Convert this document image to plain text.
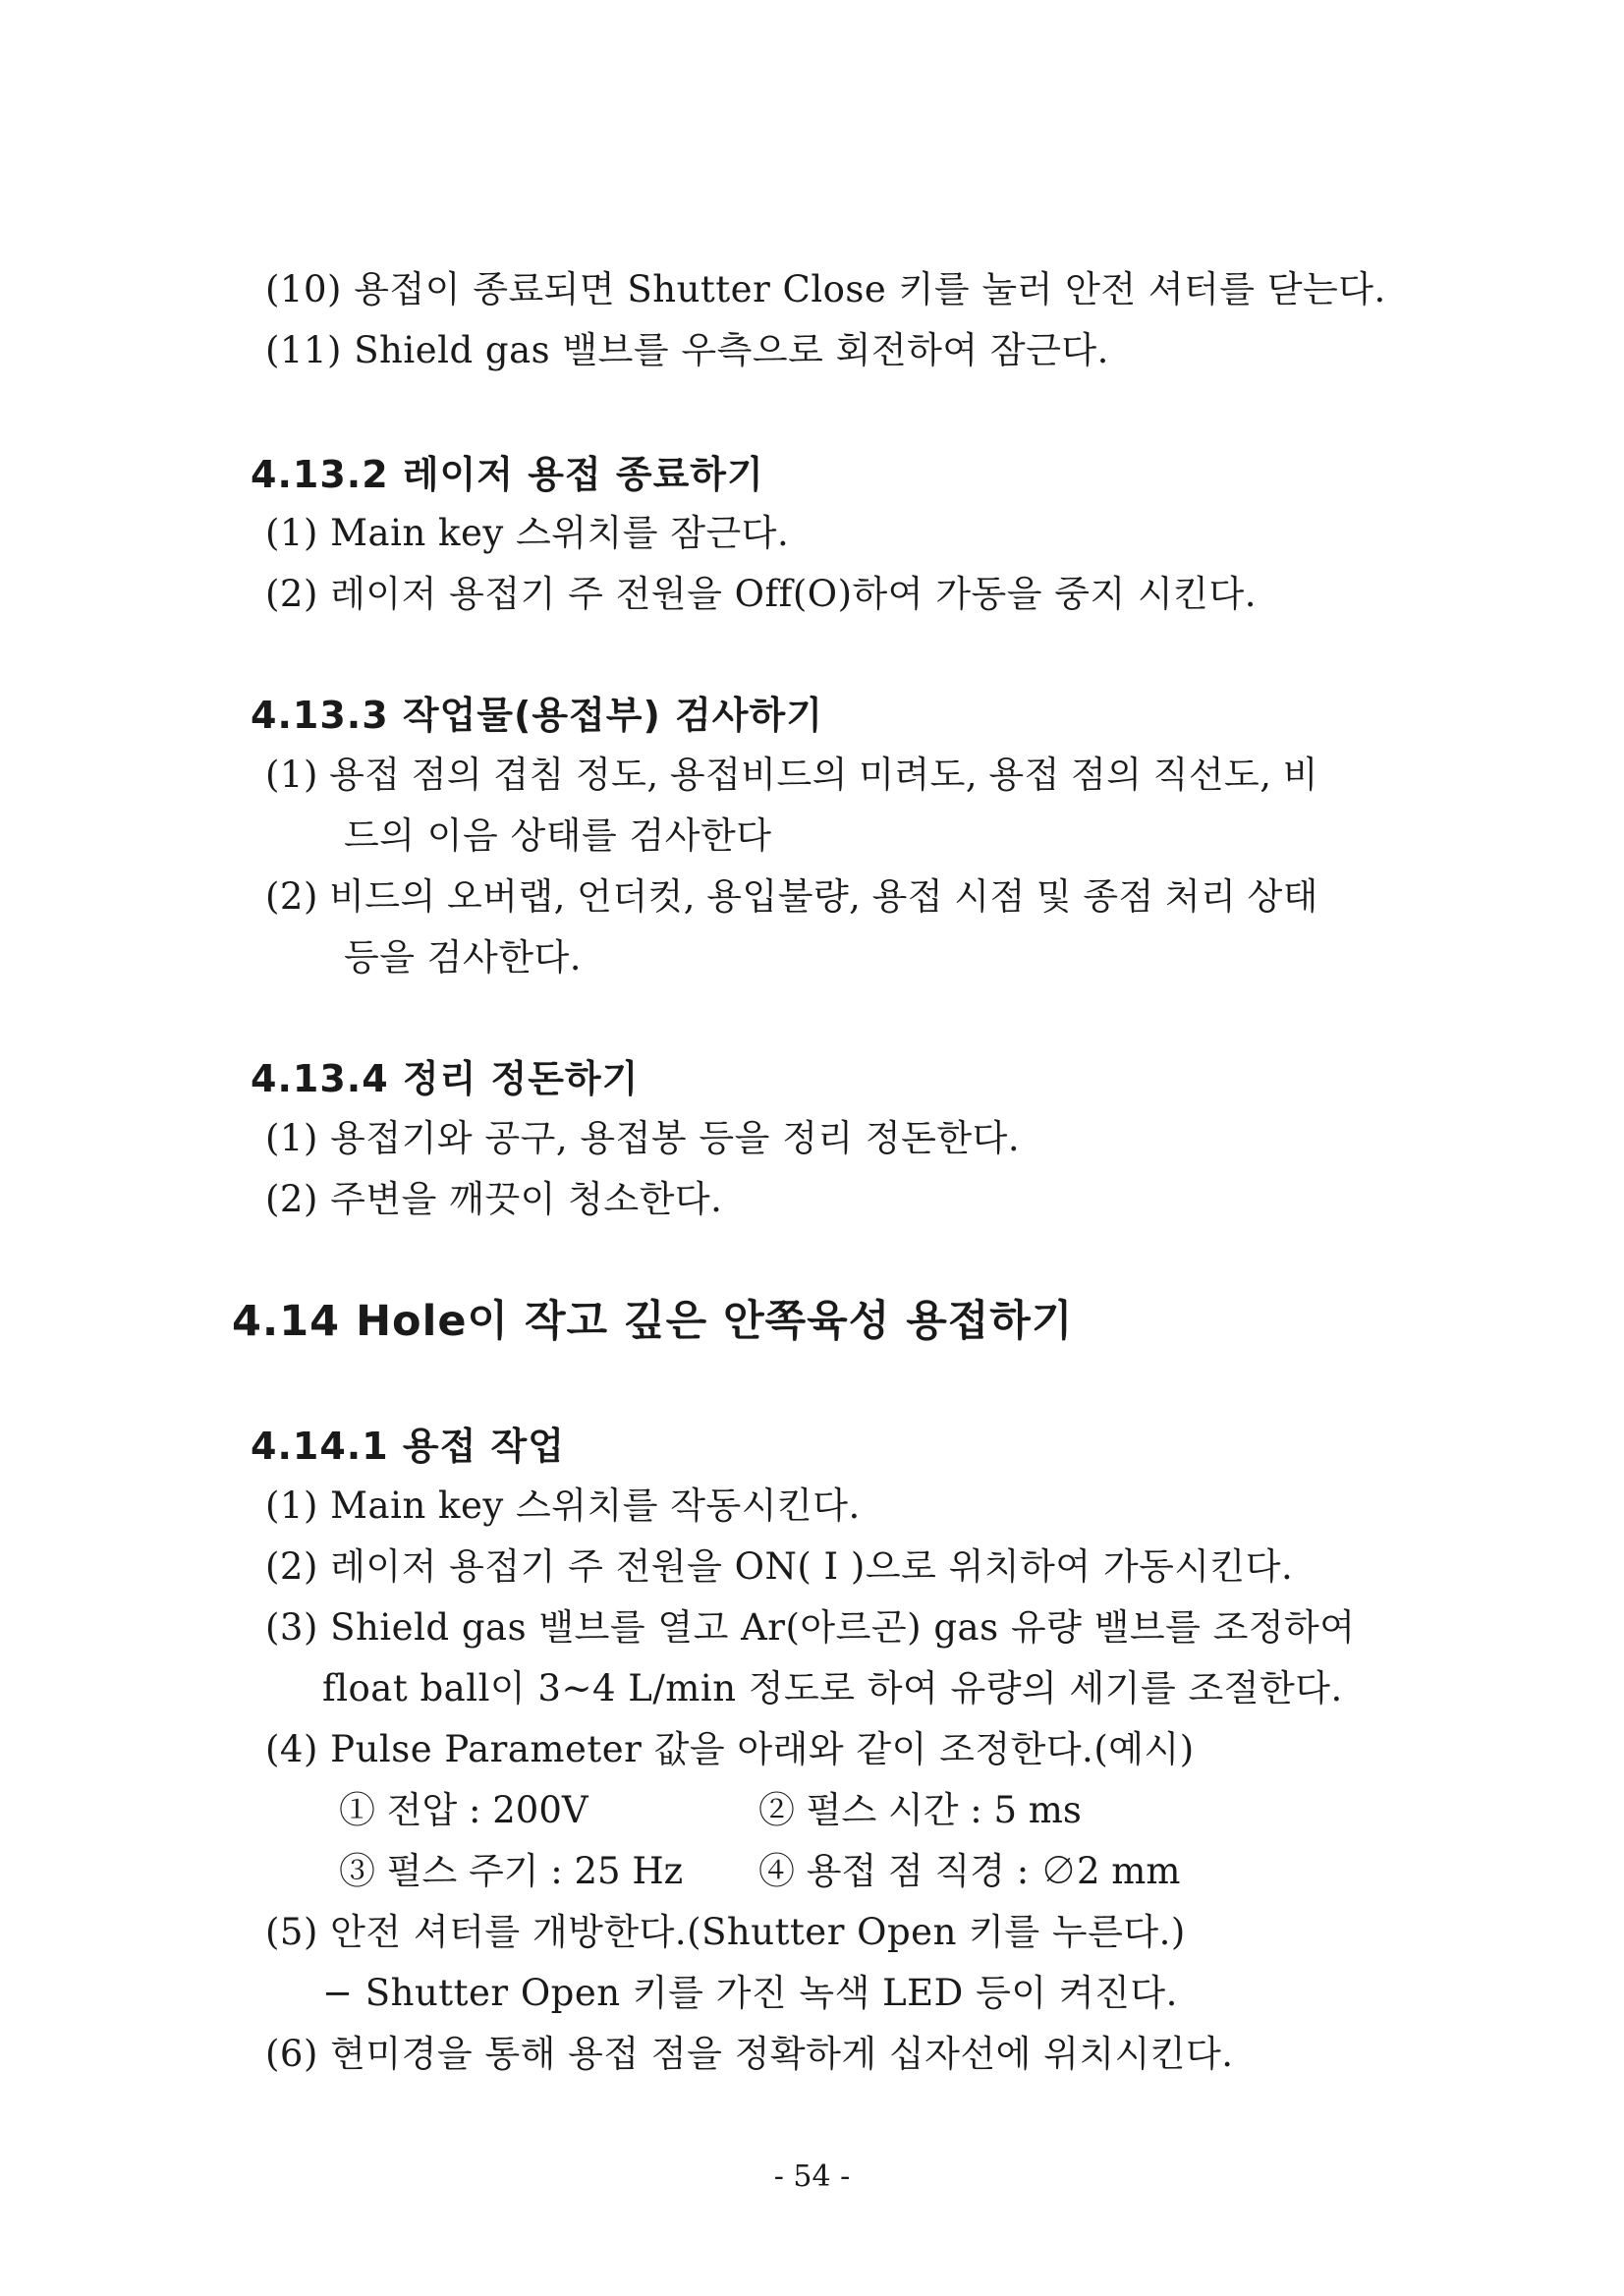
(10) 용접이 종료되면 Shutter Close 키를 눌러 안전 셔터를 닫는다.
(11) Shield gas 밸브를 우측으로 회전하여 잠근다.
4.13.2 레이저 용접 종료하기
(1) Main key 스위치를 잠근다.
(2) 레이저 용접기 주 전원을 Off(O)하여 가동을 중지 시킨다.
4.13.3 작업물(용접부) 검사하기
(1) 용접 점의 겹침 정도, 용접비드의 미려도, 용접 점의 직선도, 비
드의 이음 상태를 검사한다
(2) 비드의 오버랩, 언더컷, 용입불량, 용접 시점 및 종점 처리 상태
등을 검사한다.
4.13.4 정리 정돈하기
(1) 용접기와 공구, 용접봉 등을 정리 정돈한다.
(2) 주변을 깨끗이 청소한다.
4.14 Hole이 작고 깊은 안쪽육성 용접하기
4.14.1 용접 작업
(1) Main key 스위치를 작동시킨다.
(2) 레이저 용접기 주 전원을 ON( I )으로 위치하여 가동시킨다.
(3) Shield gas 밸브를 열고 Ar(아르곤) gas 유량 밸브를 조정하여
float ball이 3~4 L/min 정도로 하여 유량의 세기를 조절한다.
(4) Pulse Parameter 값을 아래와 같이 조정한다.(예시)
① 전압 : 200V	② 펄스 시간 : 5 ms
③ 펄스 주기 : 25 Hz ④ 용접 점 직경 : ∅2 mm
(5) 안전 셔터를 개방한다.(Shutter Open 키를 누른다.)
− Shutter Open 키를 가진 녹색 LED 등이 켜진다.
(6) 현미경을 통해 용접 점을 정확하게 십자선에 위치시킨다.
- 54 -
